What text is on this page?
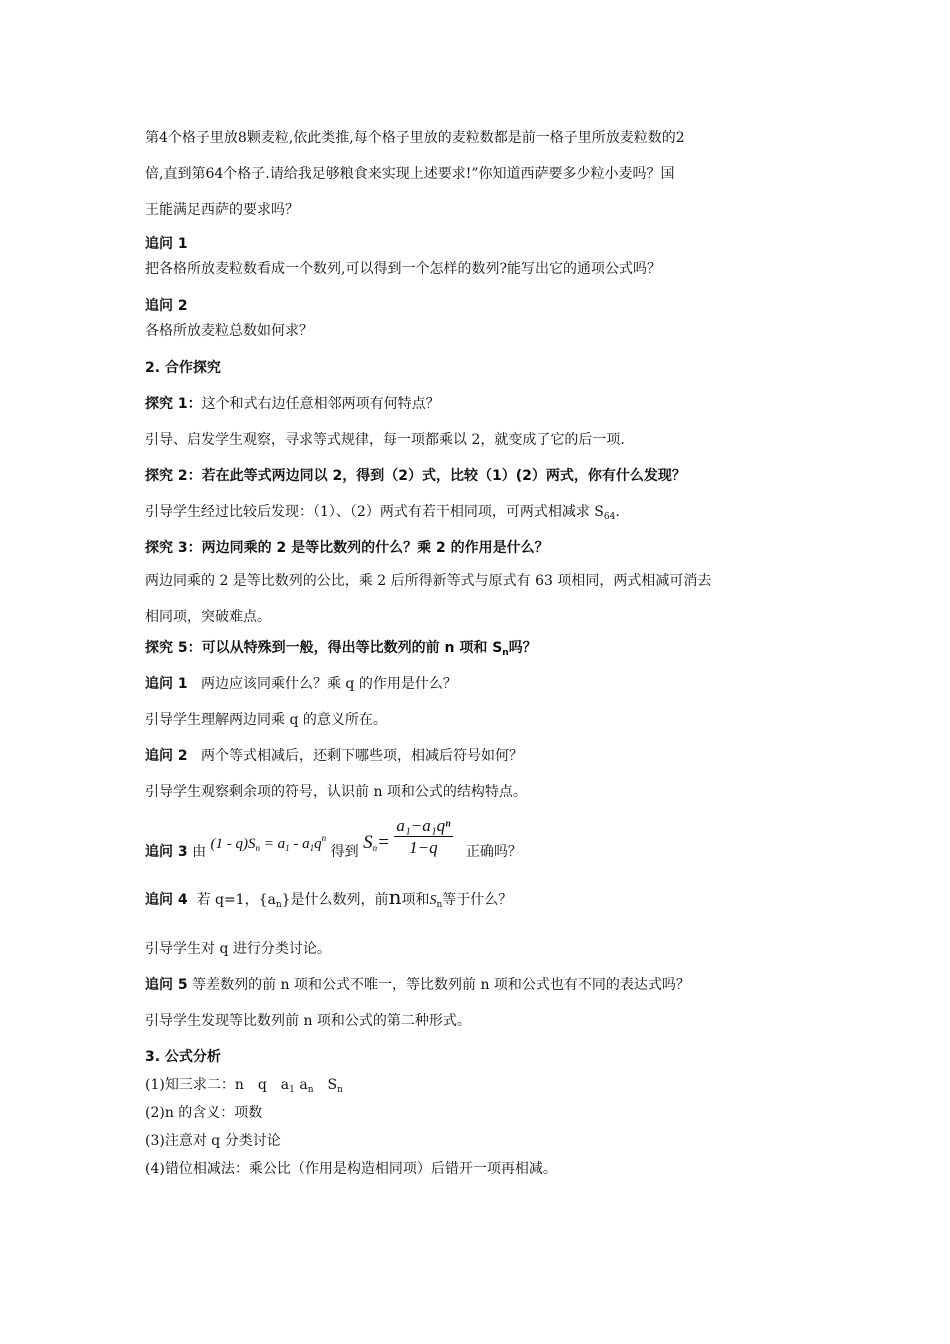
第4个格子里放8颗麦粒,依此类推,每个格子里放的麦粒数都是前一格子里所放麦粒数的2

倍,直到第64个格子.请给我足够粮食来实现上述要求!”你知道西萨要多少粒小麦吗？国

王能满足西萨的要求吗？

追问 1

把各格所放麦粒数看成一个数列,可以得到一个怎样的数列?能写出它的通项公式吗？

追问 2

各格所放麦粒总数如何求？

2. 合作探究

探究 1：这个和式右边任意相邻两项有何特点？

引导、启发学生观察，寻求等式规律，每一项都乘以 2，就变成了它的后一项.

探究 2：若在此等式两边同以 2，得到（2）式，比较（1）(2）两式，你有什么发现？

引导学生经过比较后发现：（1）、（2）两式有若干相同项，可两式相减求 $S_{64}$.

探究 3：两边同乘的 2 是等比数列的什么？乘 2 的作用是什么？

两边同乘的 2 是等比数列的公比，乘 2 后所得新等式与原式有 63 项相同，两式相减可消去

相同项，突破难点。

探究 5：可以从特殊到一般，得出等比数列的前 n 项和 $S_n$吗？

追问 1 两边应该同乘什么？乘 q 的作用是什么？

引导学生理解两边同乘 q 的意义所在。

追问 2 两个等式相减后，还剩下哪些项，相减后符号如何？

引导学生观察剩余项的符号，认识前 n 项和公式的结构特点。

追问 3 由 $(1 - q)S_n = a_1 - a_1q^n$ 得到 $S_n= \frac{\text{a₁−a₁qⁿ}}{1-q}$ 正确吗？

追问 4 若 q=1，$\{a_n\}$是什么数列，前n项和$S_n$等于什么？

引导学生对 q 进行分类讨论。

追问 5 等差数列的前 n 项和公式不唯一，等比数列前 n 项和公式也有不同的表达式吗？

引导学生发现等比数列前 n 项和公式的第二种形式。

3. 公式分析

(1)知三求二：n　q　$a_1$ $a_n$　$S_n$

(2)n 的含义：项数

(3)注意对 q 分类讨论

(4)错位相减法：乘公比（作用是构造相同项）后错开一项再相减。
